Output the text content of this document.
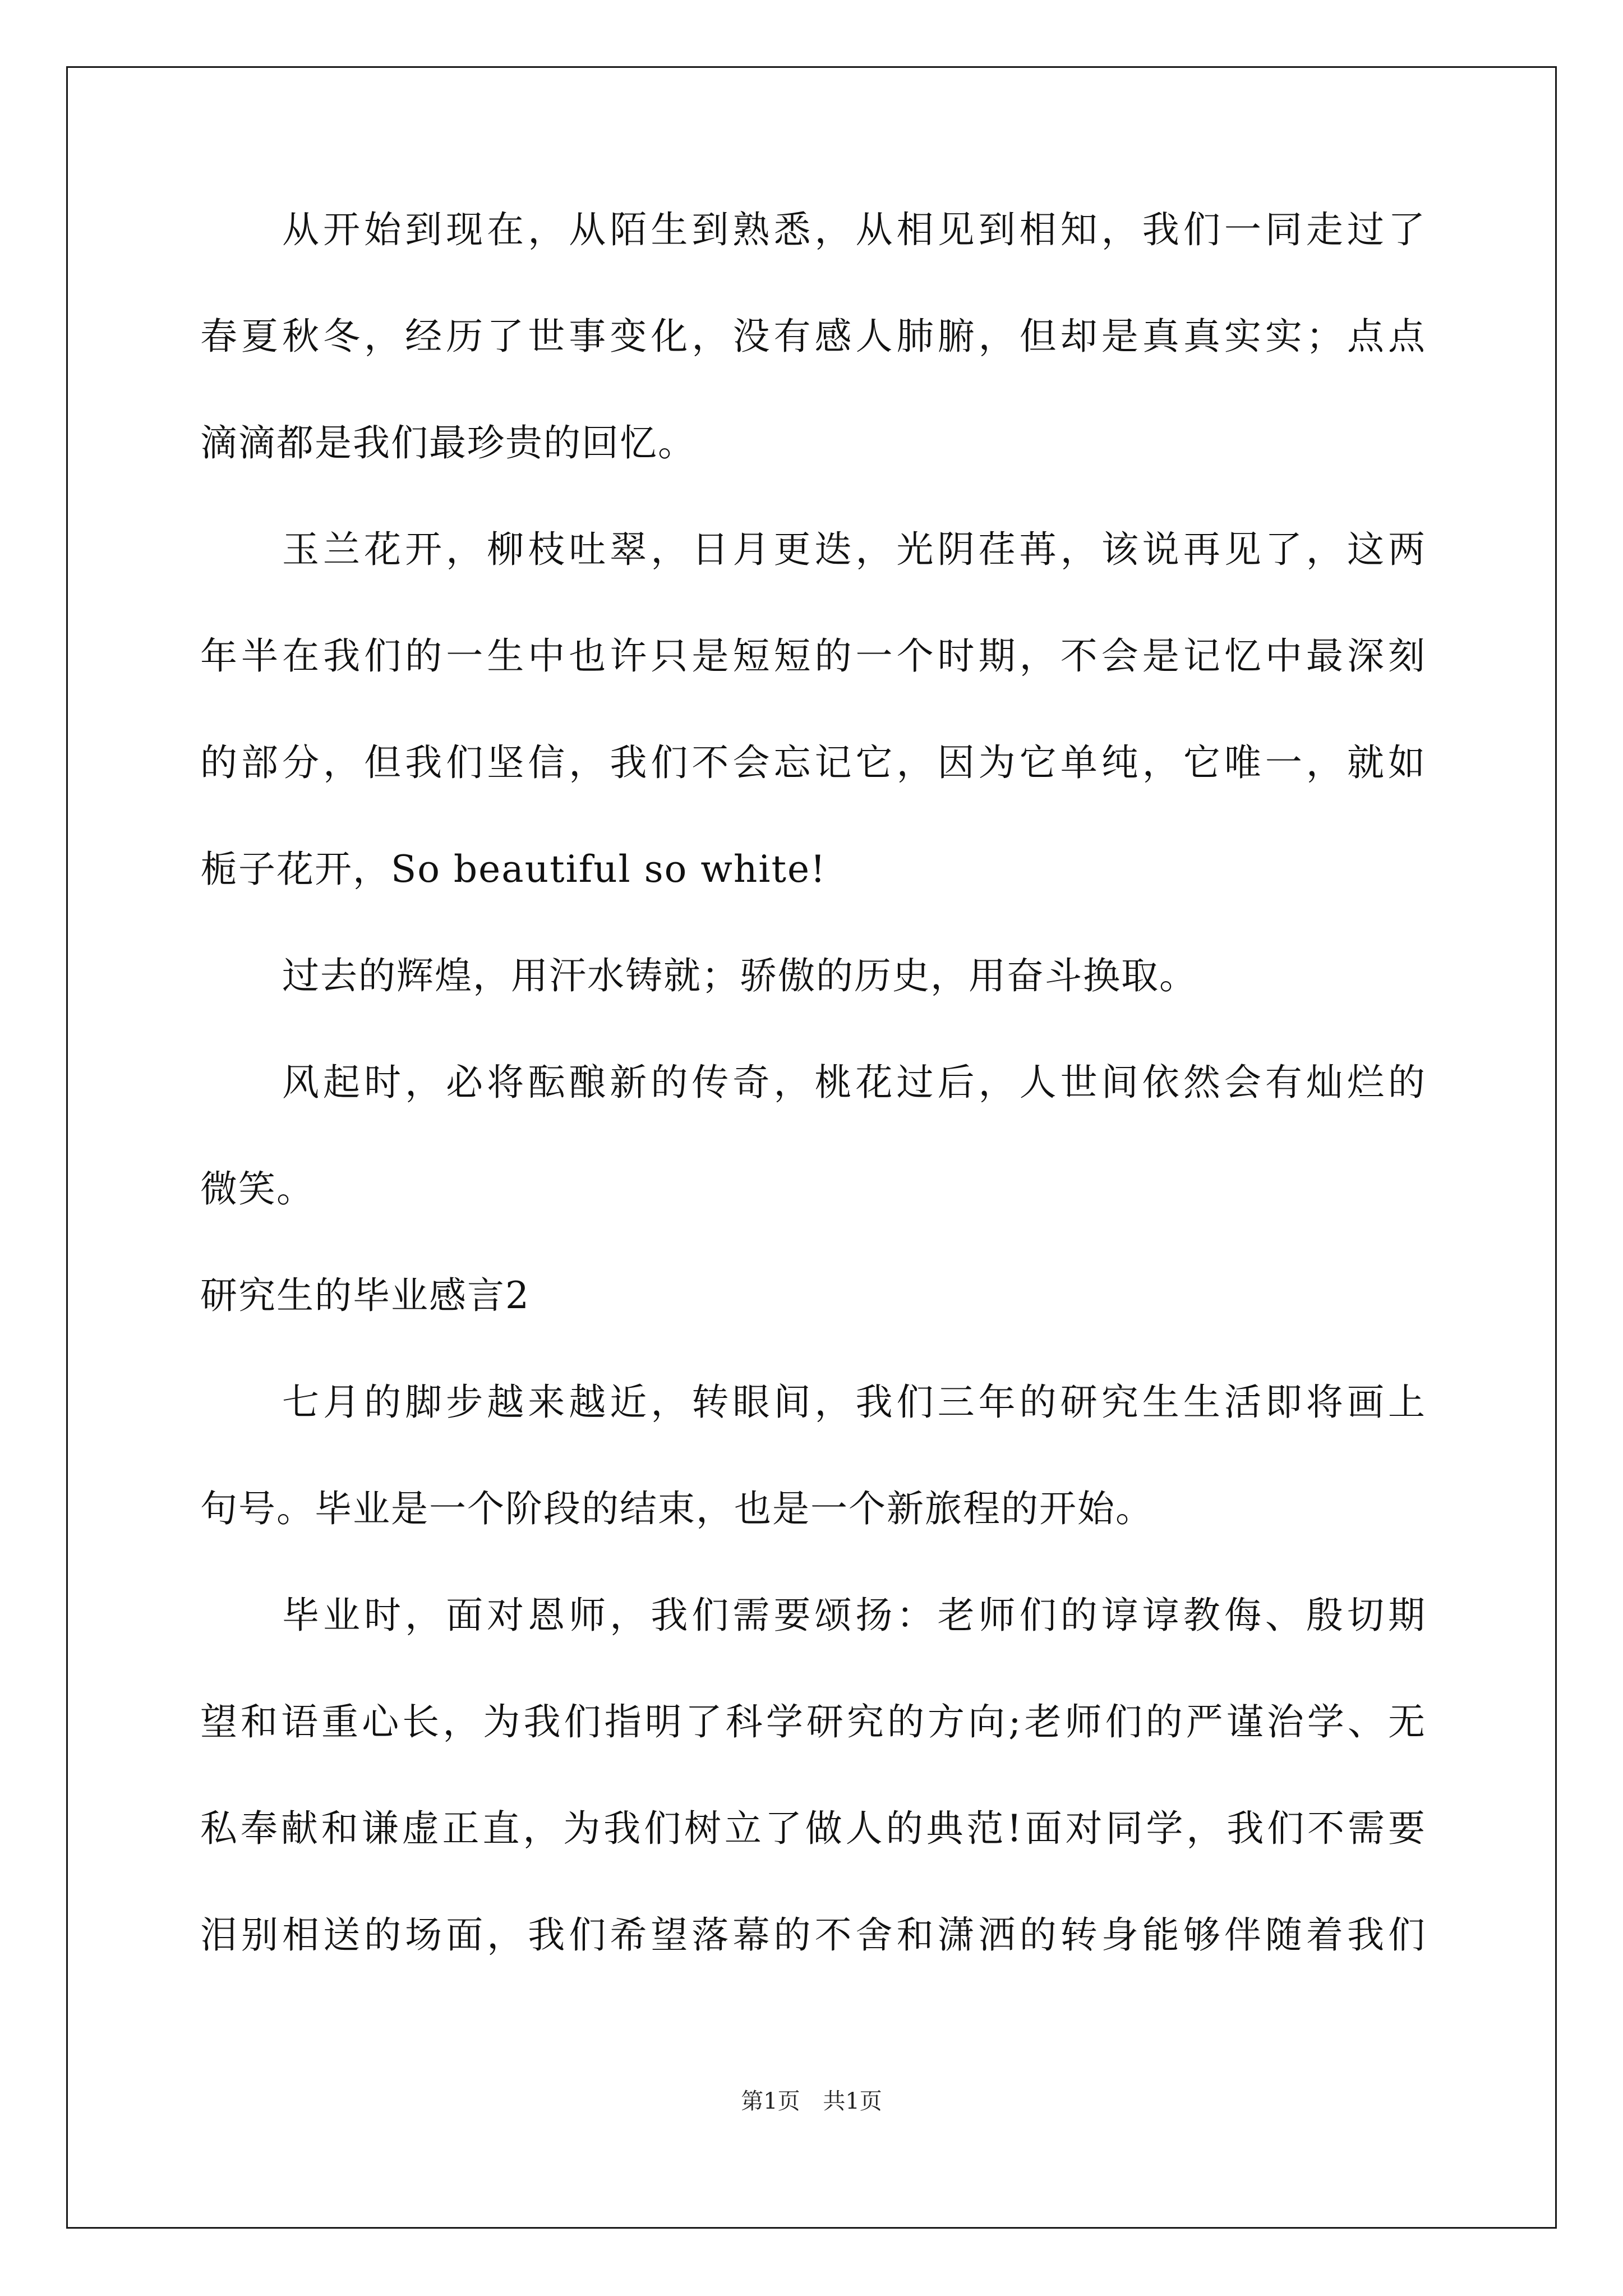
从开始到现在，从陌生到熟悉，从相见到相知，我们一同走过了
春夏秋冬，经历了世事变化，没有感人肺腑，但却是真真实实；点点
滴滴都是我们最珍贵的回忆。
玉兰花开，柳枝吐翠，日月更迭，光阴荏苒，该说再见了，这两
年半在我们的一生中也许只是短短的一个时期，不会是记忆中最深刻
的部分，但我们坚信，我们不会忘记它，因为它单纯，它唯一，就如
栀子花开，So beautiful so white!
过去的辉煌，用汗水铸就；骄傲的历史，用奋斗换取。
风起时，必将酝酿新的传奇，桃花过后，人世间依然会有灿烂的
微笑。
研究生的毕业感言2
七月的脚步越来越近，转眼间，我们三年的研究生生活即将画上
句号。毕业是一个阶段的结束，也是一个新旅程的开始。
毕业时，面对恩师，我们需要颂扬：老师们的谆谆教侮、殷切期
望和语重心长，为我们指明了科学研究的方向;老师们的严谨治学、无
私奉献和谦虚正直，为我们树立了做人的典范!面对同学，我们不需要
泪别相送的场面，我们希望落幕的不舍和潇洒的转身能够伴随着我们
第1页 共1页
